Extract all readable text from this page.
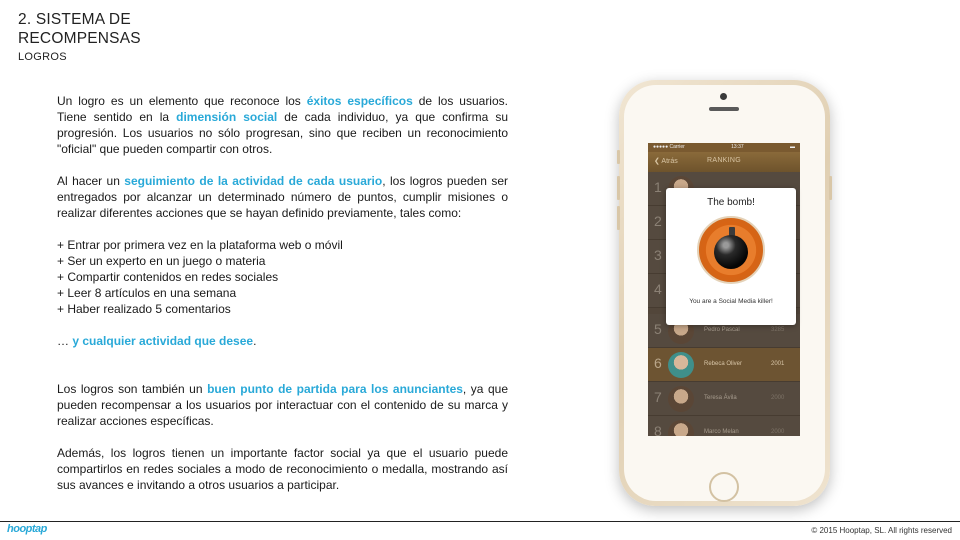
2. SISTEMA DE
RECOMPENSAS
LOGROS

Un logro es un elemento que reconoce los éxitos específicos de los usuarios. Tiene sentido en la dimensión social de cada individuo, ya que confirma su progresión. Los usuarios no sólo progresan, sino que reciben un reconocimiento "oficial" que pueden compartir con otros.

Al hacer un seguimiento de la actividad de cada usuario, los logros pueden ser entregados por alcanzar un determinado número de puntos, cumplir misiones o realizar diferentes acciones que se hayan definido previamente, tales como:

+ Entrar por primera vez en la plataforma web o móvil
+ Ser un experto en un juego o materia
+ Compartir contenidos en redes sociales
+ Leer 8 artículos en una semana
+ Haber realizado 5 comentarios

… y cualquier actividad que desee.

Los logros son también un buen punto de partida para los anunciantes, ya que pueden recompensar a los usuarios por interactuar con el contenido de su marca y realizar acciones específicas.

Además, los logros tienen un importante factor social ya que el usuario puede compartirlos en redes sociales a modo de reconocimiento o medalla, mostrando así sus avances e invitando a otros usuarios a participar.

●●●●● Carrier	13:37	▬
❮ Atrás	RANKING
1
2
3
4
5	Pedro Pascal	3285
6	Rebeca Oliver	2001
7	Teresa Ávila	2000
8	Marco Melan	2000
The bomb!
You are a Social Media killer!
hooptap	© 2015 Hooptap, SL. All rights reserved
